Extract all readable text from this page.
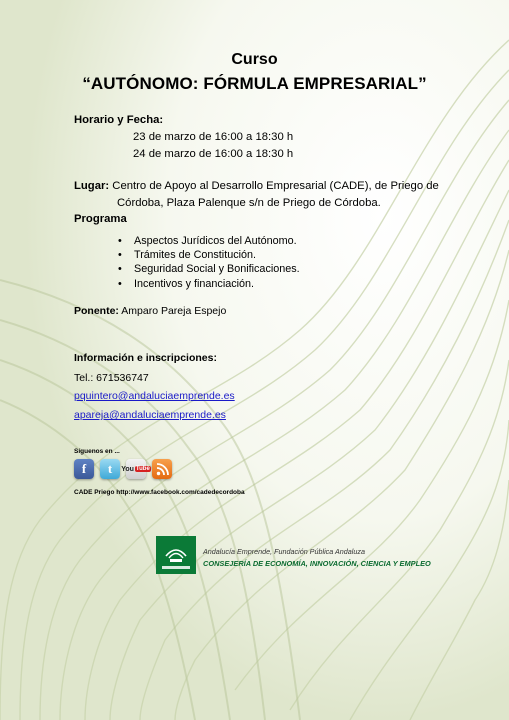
Curso
“AUTÓNOMO: FÓRMULA EMPRESARIAL”
Horario y Fecha:
23 de marzo de 16:00 a 18:30 h
24 de marzo de 16:00 a 18:30 h
Lugar: Centro de Apoyo al Desarrollo Empresarial (CADE), de Priego de
Córdoba, Plaza Palenque s/n de Priego de Córdoba.
Programa
• Aspectos Jurídicos del Autónomo.
• Trámites de Constitución.
• Seguridad Social y Bonificaciones.
• Incentivos y financiación.
Ponente: Amparo Pareja Espejo
Información e inscripciones:
Tel.: 671536747
pquintero@andaluciaemprende.es
apareja@andaluciaemprende.es
Síguenos en ...
f t You Tube
CADE Priego http://www.facebook.com/cadedecordoba
Andalucía Emprende, Fundación Pública Andaluza
CONSEJERÍA DE ECONOMÍA, INNOVACIÓN, CIENCIA Y EMPLEO
